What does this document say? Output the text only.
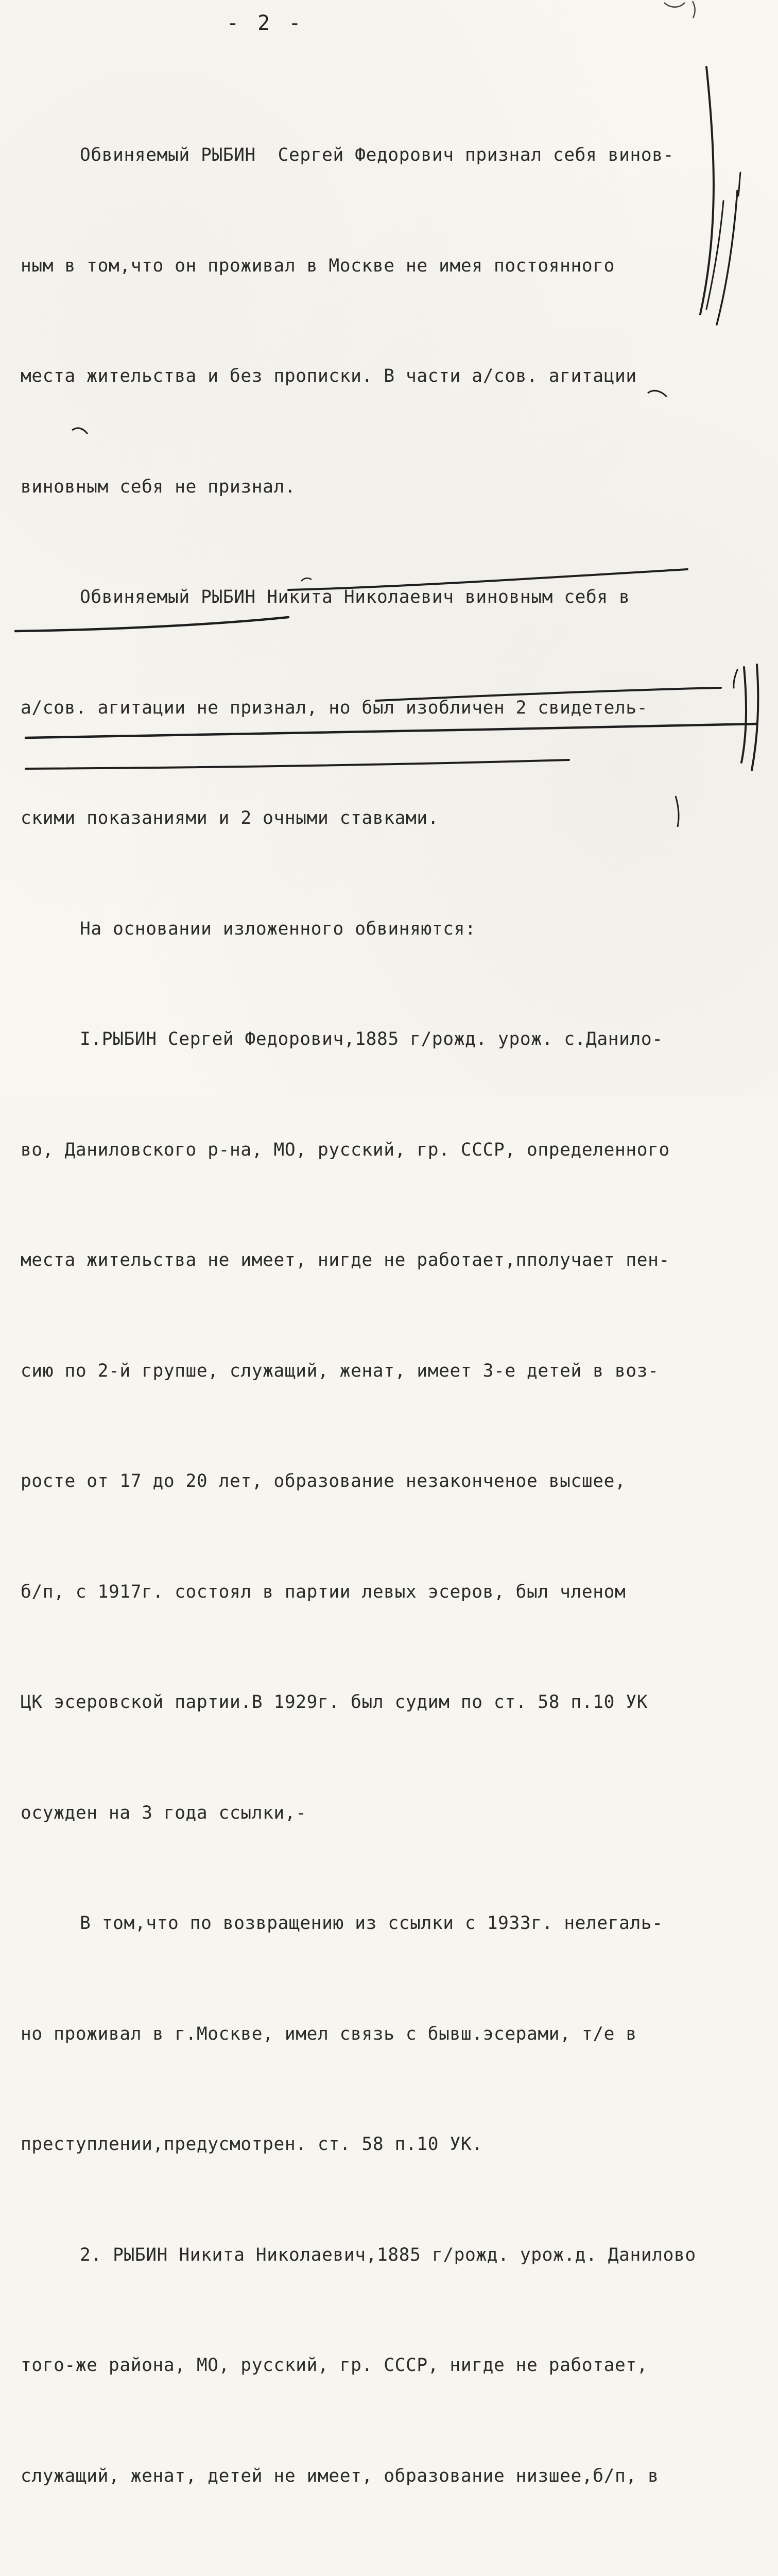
- 2 -

Обвиняемый РЫБИН  Сергей Федорович признал себя винов-

ным в том,что он проживал в Москве не имея постоянного

места жительства и без прописки. В части а/сов. агитации

виновным себя не признал.

Обвиняемый РЫБИН Никита Николаевич виновным себя в

а/сов. агитации не признал, но был изобличен 2 свидетель-

скими показаниями и 2 очными ставками.

На основании изложенного обвиняются:

I.РЫБИН Сергей Федорович,1885 г/рожд. урож. с.Данило-

во, Даниловского р-на, МО, русский, гр. СССР, определенного

места жительства не имеет, нигде не работает,пполучает пен-

сию по 2-й групше, служащий, женат, имеет 3-е детей в воз-

росте от 17 до 20 лет, образование незаконченое высшее,

б/п, с 1917г. состоял в партии левых эсеров, был членом

ЦК эсеровской партии.В 1929г. был судим по ст. 58 п.10 УК

осужден на 3 года ссылки,-

В том,что по возвращению из ссылки с 1933г. нелегаль-

но проживал в г.Москве, имел связь с бывш.эсерами, т/е в

преступлении,предусмотрен. ст. 58 п.10 УК.

2. РЫБИН Никита Николаевич,1885 г/рожд. урож.д. Данилово

того-же района, МО, русский, гр. СССР, нигде не работает,

служащий, женат, детей не имеет, образование низшее,б/п, в
